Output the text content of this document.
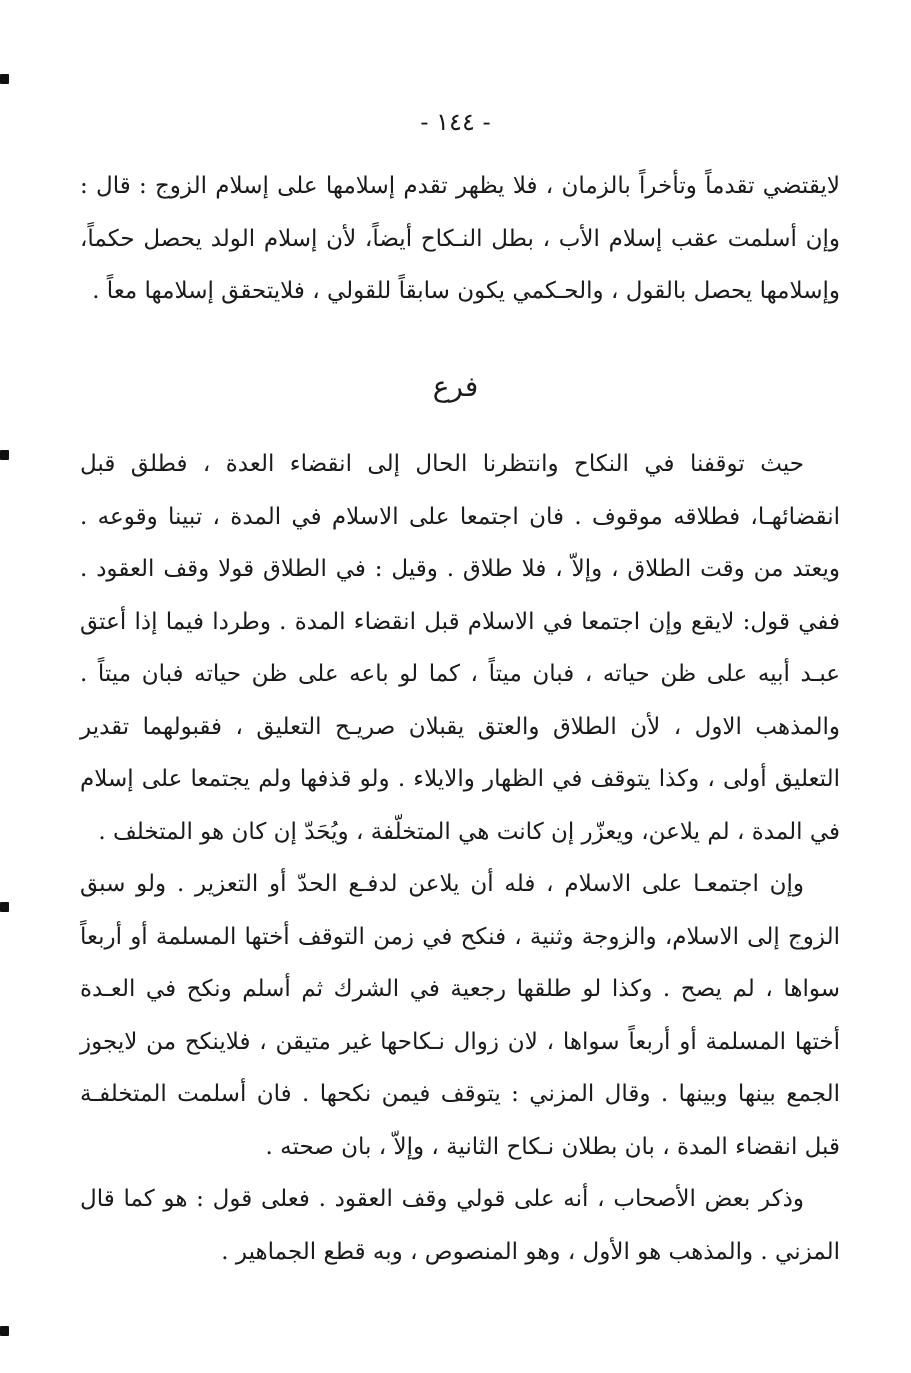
- ١٤٤ -

لايقتضي تقدماً وتأخراً بالزمان ، فلا يظهر تقدم إسلامها على إسلام الزوج : قال : وإن أسلمت عقب إسلام الأب ، بطل النـكاح أيضاً، لأن إسلام الولد يحصل حكماً، وإسلامها يحصل بالقول ، والحـكمي يكون سابقاً للقولي ، فلايتحقق إسلامها معاً .

فرع

حيث توقفنا في النكاح وانتظرنا الحال إلى انقضاء العدة ، فطلق قبل انقضائهـا، فطلاقه موقوف . فان اجتمعا على الاسلام في المدة ، تبينا وقوعه . ويعتد من وقت الطلاق ، وإلاّ ، فلا طلاق . وقيل : في الطلاق قولا وقف العقود . ففي قول: لايقع وإن اجتمعا في الاسلام قبل انقضاء المدة . وطردا فيما إذا أعتق عبـد أبيه على ظن حياته ، فبان ميتاً ، كما لو باعه على ظن حياته فبان ميتاً . والمذهب الاول ، لأن الطلاق والعتق يقبلان صريـح التعليق ، فقبولهما تقدير التعليق أولى ، وكذا يتوقف في الظهار والايلاء . ولو قذفها ولم يجتمعا على إسلام في المدة ، لم يلاعن، ويعزّر إن كانت هي المتخلّفة ، ويُحَدّ إن كان هو المتخلف .

وإن اجتمعـا على الاسلام ، فله أن يلاعن لدفـع الحدّ أو التعزير . ولو سبق الزوج إلى الاسلام، والزوجة وثنية ، فنكح في زمن التوقف أختها المسلمة أو أربعاً سواها ، لم يصح . وكذا لو طلقها رجعية في الشرك ثم أسلم ونكح في العـدة أختها المسلمة أو أربعاً سواها ، لان زوال نـكاحها غير متيقن ، فلاينكح من لايجوز الجمع بينها وبينها . وقال المزني : يتوقف فيمن نكحها . فان أسلمت المتخلفـة قبل انقضاء المدة ، بان بطلان نـكاح الثانية ، وإلاّ ، بان صحته .

وذكر بعض الأصحاب ، أنه على قولي وقف العقود . فعلى قول : هو كما قال المزني . والمذهب هو الأول ، وهو المنصوص ، وبه قطع الجماهير .
